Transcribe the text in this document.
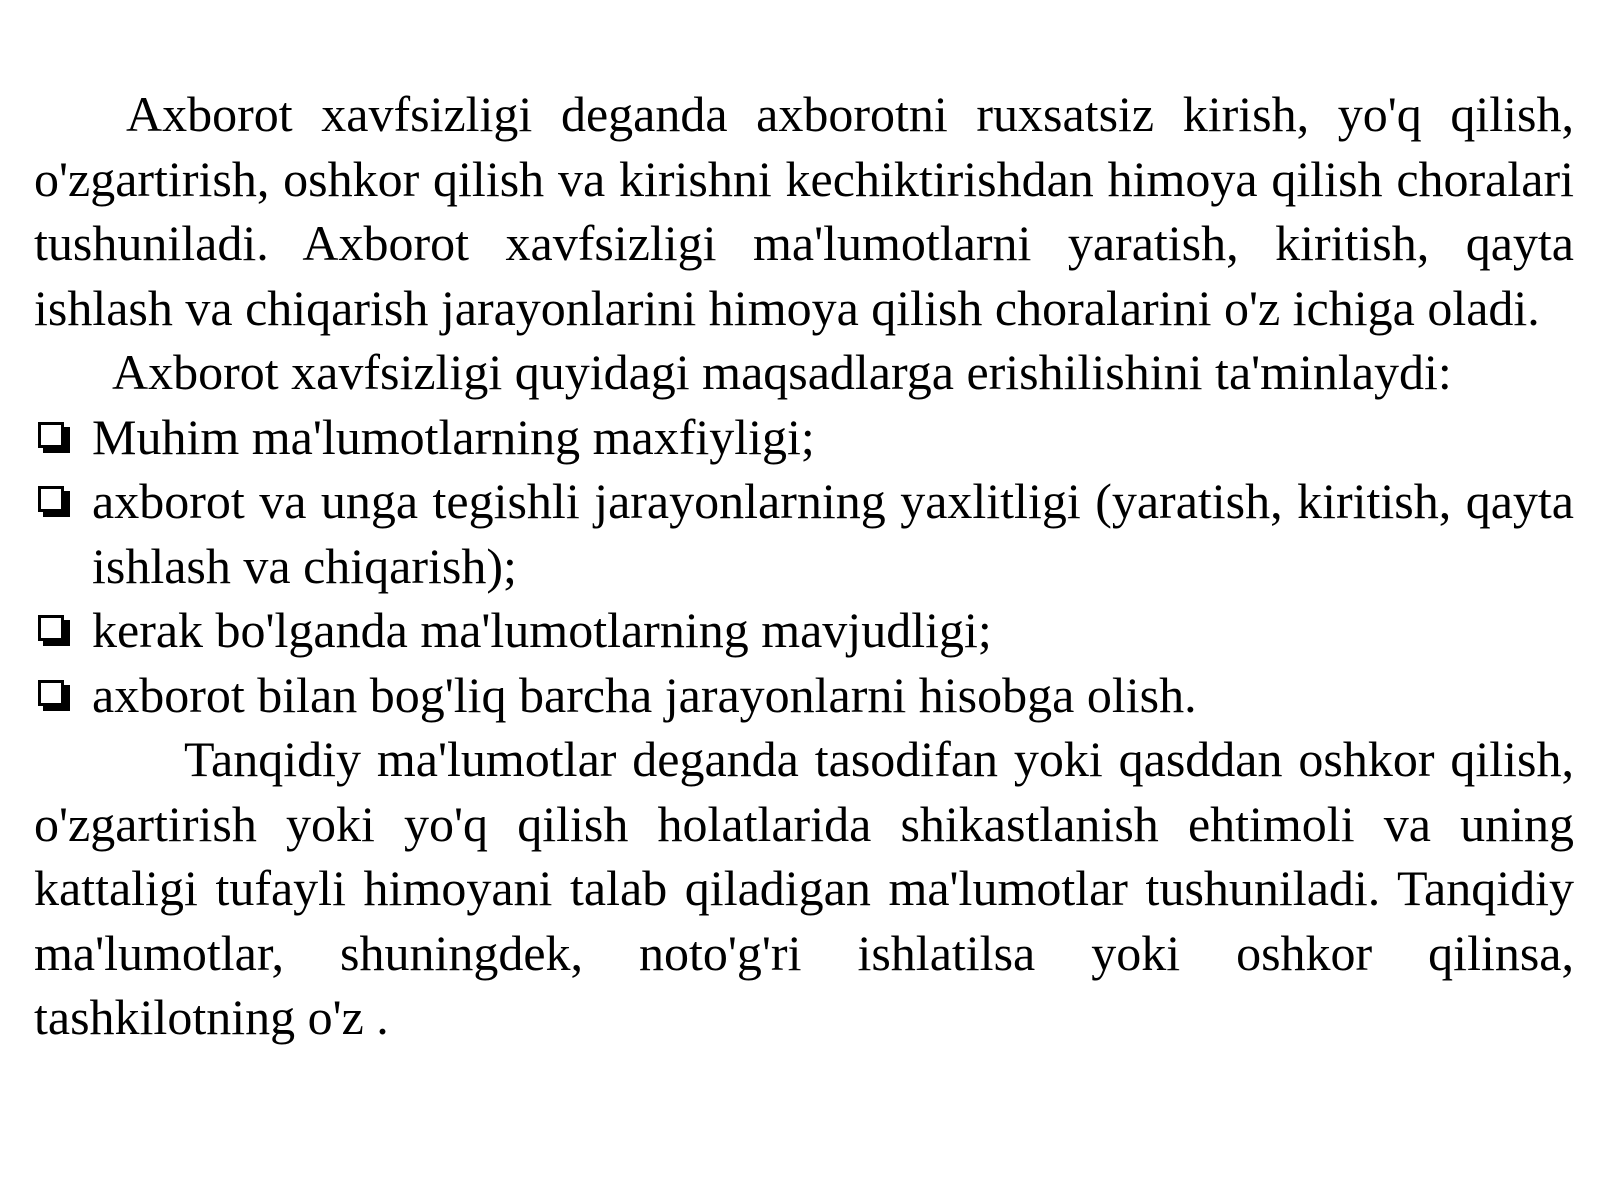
Axborot xavfsizligi deganda axborotni ruxsatsiz kirish, yo'q qilish, o'zgartirish, oshkor qilish va kirishni kechiktirishdan himoya qilish choralari tushuniladi. Axborot xavfsizligi ma'lumotlarni yaratish, kiritish, qayta ishlash va chiqarish jarayonlarini himoya qilish choralarini o'z ichiga oladi.

Axborot xavfsizligi quyidagi maqsadlarga erishilishini ta'minlaydi:

Muhim ma'lumotlarning maxfiyligi;
axborot va unga tegishli jarayonlarning yaxlitligi (yaratish, kiritish, qayta ishlash va chiqarish);
kerak bo'lganda ma'lumotlarning mavjudligi;
axborot bilan bog'liq barcha jarayonlarni hisobga olish.

Tanqidiy ma'lumotlar deganda tasodifan yoki qasddan oshkor qilish, o'zgartirish yoki yo'q qilish holatlarida shikastlanish ehtimoli va uning kattaligi tufayli himoyani talab qiladigan ma'lumotlar tushuniladi. Tanqidiy ma'lumotlar, shuningdek, noto'g'ri ishlatilsa yoki oshkor qilinsa, tashkilotning o'z .
